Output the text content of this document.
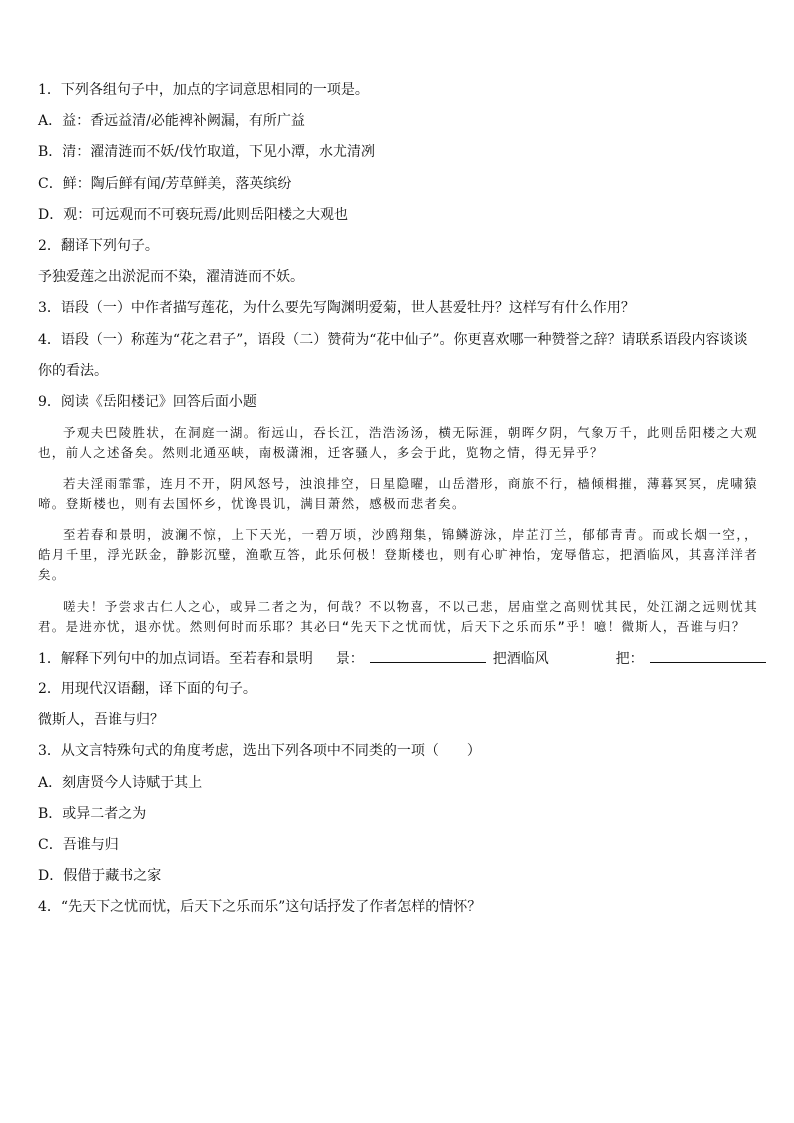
1．下列各组句子中，加点的字词意思相同的一项是。
A．益：香远益清/必能裨补阙漏，有所广益
B．清：濯清涟而不妖/伐竹取道，下见小潭，水尤清冽
C．鲜：陶后鲜有闻/芳草鲜美，落英缤纷
D．观：可远观而不可亵玩焉/此则岳阳楼之大观也
2．翻译下列句子。
予独爱莲之出淤泥而不染，濯清涟而不妖。
3．语段（一）中作者描写莲花，为什么要先写陶渊明爱菊，世人甚爱牡丹？这样写有什么作用？
4．语段（一）称莲为“花之君子”，语段（二）赞荷为“花中仙子”。你更喜欢哪一种赞誉之辞？请联系语段内容谈谈
你的看法。
9．阅读《岳阳楼记》回答后面小题

予观夫巴陵胜状，在洞庭一湖。衔远山，吞长江，浩浩汤汤，横无际涯，朝晖夕阴，气象万千，此则岳阳楼之大观也，前人之述备矣。然则北通巫峡，南极潇湘，迁客骚人，多会于此，览物之情，得无异乎？

若夫淫雨霏霏，连月不开，阴风怒号，浊浪排空，日星隐曜，山岳潜形，商旅不行，樯倾楫摧，薄暮冥冥，虎啸猿啼。登斯楼也，则有去国怀乡，忧谗畏讥，满目萧然，感极而悲者矣。

至若春和景明，波澜不惊，上下天光，一碧万顷，沙鸥翔集，锦鳞游泳，岸芷汀兰，郁郁青青。而或长烟一空，，皓月千里，浮光跃金，静影沉璧，渔歌互答，此乐何极！登斯楼也，则有心旷神怡，宠辱偕忘，把酒临风，其喜洋洋者矣。

嗟夫！予尝求古仁人之心，或异二者之为，何哉？不以物喜，不以己悲，居庙堂之高则忧其民，处江湖之远则忧其君。是进亦忧，退亦忧。然则何时而乐耶？其必曰“先天下之忧而忧，后天下之乐而乐”乎！噫！微斯人，吾谁与归？

1．解释下列句中的加点词语。至若春和景明 景：	把酒临风	把：
2．用现代汉语翻，译下面的句子。
微斯人，吾谁与归？
3．从文言特殊句式的角度考虑，选出下列各项中不同类的一项（　　）
A．刻唐贤今人诗赋于其上
B．或异二者之为
C．吾谁与归
D．假借于藏书之家
4．“先天下之忧而忧，后天下之乐而乐”这句话抒发了作者怎样的情怀？
